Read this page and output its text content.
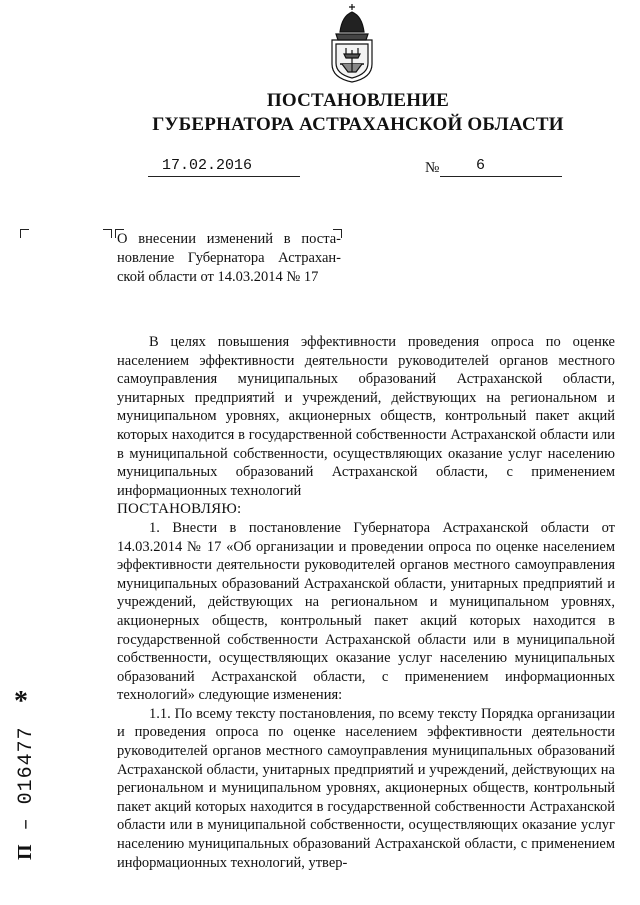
ПОСТАНОВЛЕНИЕ
ГУБЕРНАТОРА АСТРАХАНСКОЙ ОБЛАСТИ
17.02.2016	№ 6
О внесении изменений в поста-
новление Губернатора Астрахан-
ской области от 14.03.2014 № 17

В целях повышения эффективности проведения опроса по оценке населением эффективности деятельности руководителей органов местного самоуправления муниципальных образований Астраханской области, унитарных предприятий и учреждений, действующих на региональном и муниципальном уровнях, акционерных обществ, контрольный пакет акций которых находится в государственной собственности Астраханской области или в муниципальной собственности, осуществляющих оказание услуг населению муниципальных образований Астраханской области, с применением информационных технологий

ПОСТАНОВЛЯЮ:

1. Внести в постановление Губернатора Астраханской области от 14.03.2014 № 17 «Об организации и проведении опроса по оценке населением эффективности деятельности руководителей органов местного самоуправления муниципальных образований Астраханской области, унитарных предприятий и учреждений, действующих на региональном и муниципальном уровнях, акционерных обществ, контрольный пакет акций которых находится в государственной собственности Астраханской области или в муниципальной собственности, осуществляющих оказание услуг населению муниципальных образований Астраханской области, с применением информационных технологий» следующие изменения:

1.1. По всему тексту постановления, по всему тексту Порядка организации и проведения опроса по оценке населением эффективности деятельности руководителей органов местного самоуправления муниципальных образований Астраханской области, унитарных предприятий и учреждений, действующих на региональном и муниципальном уровнях, акционерных обществ, контрольный пакет акций которых находится в государственной собственности Астраханской области или в муниципальной собственности, осуществляющих оказание услуг населению муниципальных образований Астраханской области, с применением информационных технологий, утвер-

*
П – 016477
